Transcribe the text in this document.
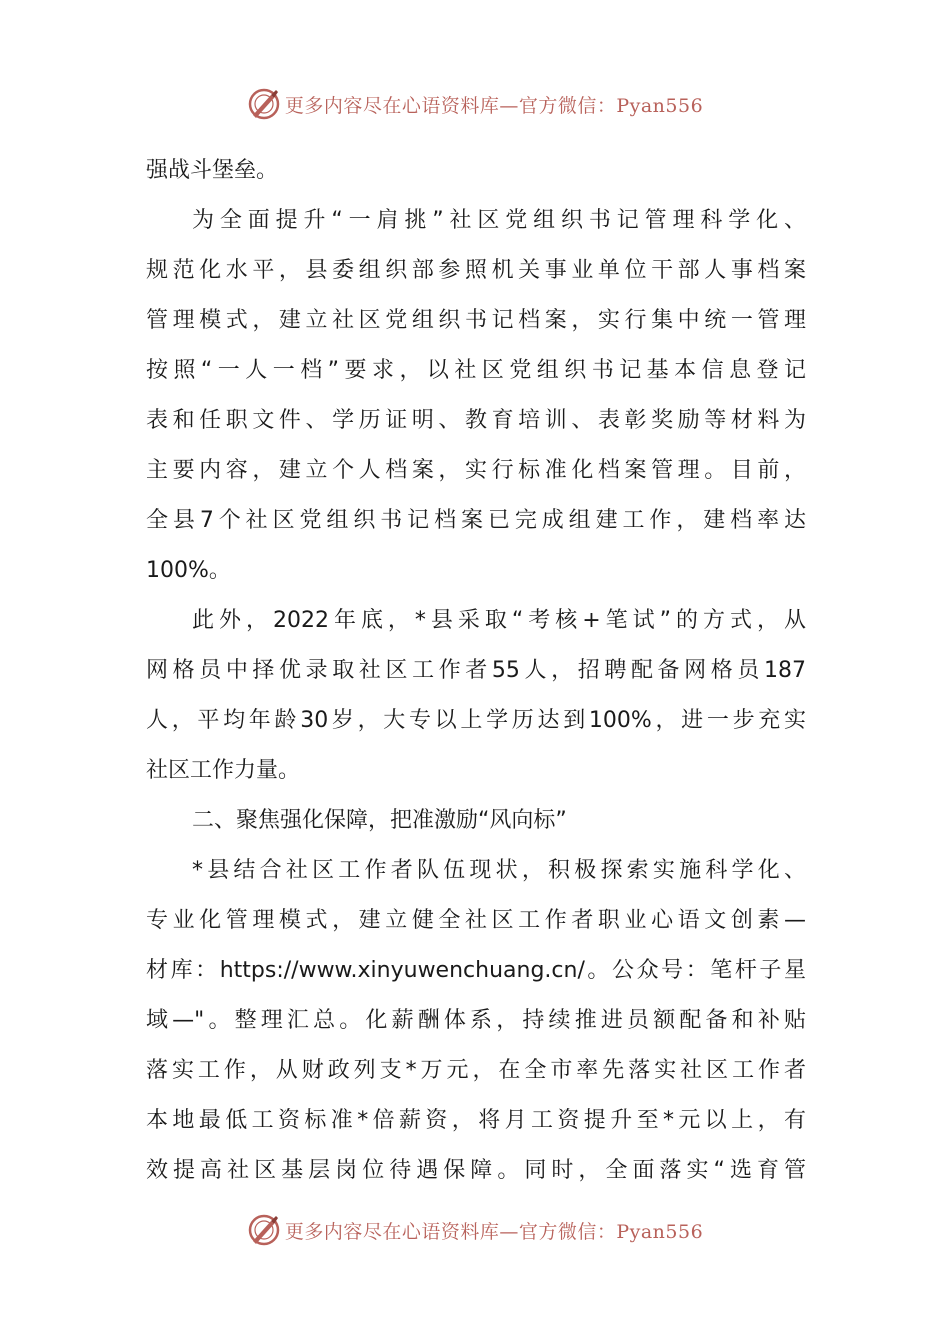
更多内容尽在心语资料库—官方微信：Pyan556
强战斗堡垒。
为全面提升“一肩挑”社区党组织书记管理科学化、
规范化水平，县委组织部参照机关事业单位干部人事档案
管理模式，建立社区党组织书记档案，实行集中统一管理
按照“一人一档”要求，以社区党组织书记基本信息登记
表和任职文件、学历证明、教育培训、表彰奖励等材料为
主要内容，建立个人档案，实行标准化档案管理。目前，
全县7个社区党组织书记档案已完成组建工作，建档率达
100%。
此外，2022年底，*县采取“考核+笔试”的方式，从
网格员中择优录取社区工作者55人，招聘配备网格员187
人，平均年龄30岁，大专以上学历达到100%，进一步充实
社区工作力量。
二、聚焦强化保障，把准激励“风向标”
*县结合社区工作者队伍现状，积极探索实施科学化、
专业化管理模式，建立健全社区工作者职业心语文创素—
材库：https://www.xinyuwenchuang.cn/。公众号：笔杆子星
域—"。整理汇总。化薪酬体系，持续推进员额配备和补贴
落实工作，从财政列支*万元，在全市率先落实社区工作者
本地最低工资标准*倍薪资，将月工资提升至*元以上，有
效提高社区基层岗位待遇保障。同时，全面落实“选育管
更多内容尽在心语资料库—官方微信：Pyan556
